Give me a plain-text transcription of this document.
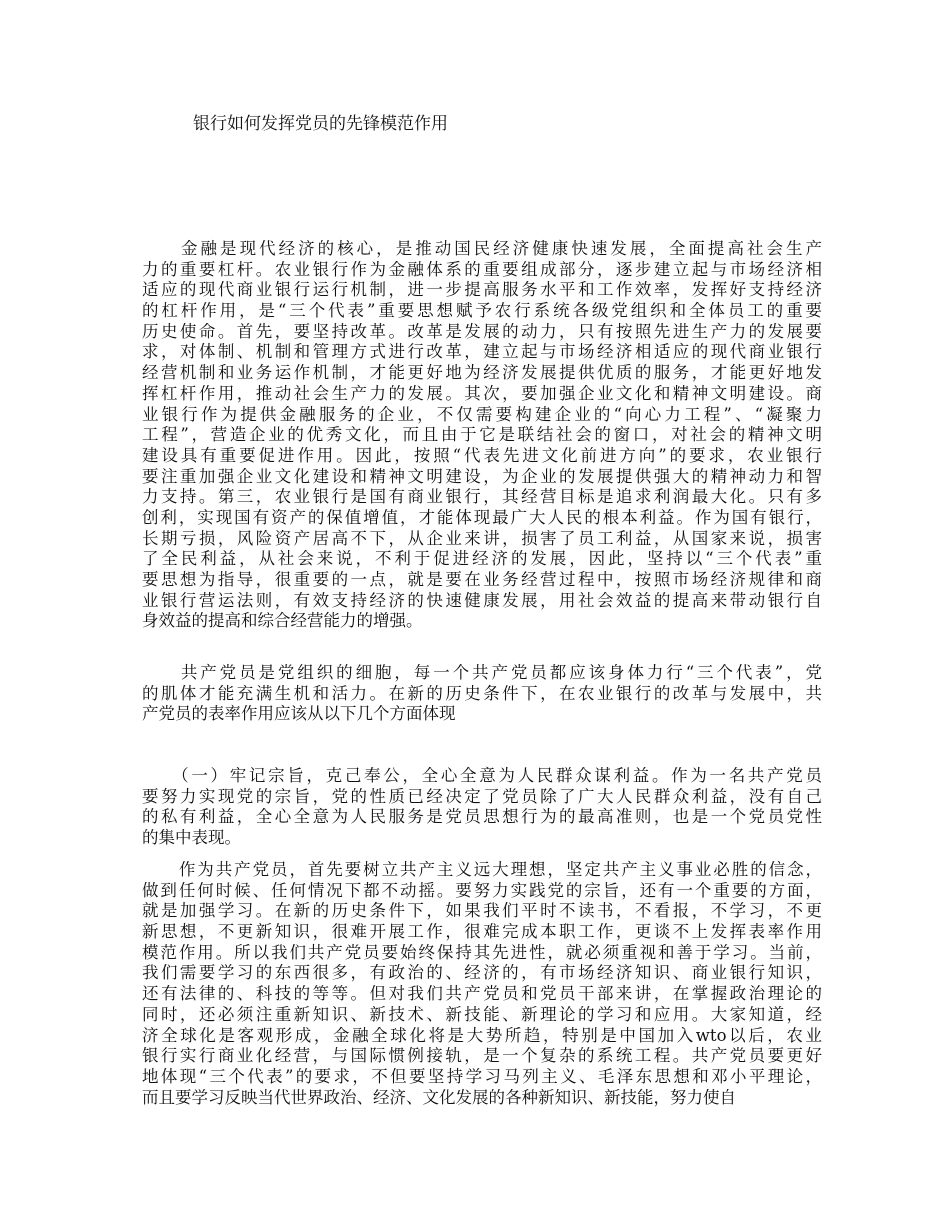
银行如何发挥党员的先锋模范作用
　　金融是现代经济的核心，是推动国民经济健康快速发展，全面提高社会生产
力的重要杠杆。农业银行作为金融体系的重要组成部分，逐步建立起与市场经济相
适应的现代商业银行运行机制，进一步提高服务水平和工作效率，发挥好支持经济
的杠杆作用，是“三个代表”重要思想赋予农行系统各级党组织和全体员工的重要
历史使命。首先，要坚持改革。改革是发展的动力，只有按照先进生产力的发展要
求，对体制、机制和管理方式进行改革，建立起与市场经济相适应的现代商业银行
经营机制和业务运作机制，才能更好地为经济发展提供优质的服务，才能更好地发
挥杠杆作用，推动社会生产力的发展。其次，要加强企业文化和精神文明建设。商
业银行作为提供金融服务的企业，不仅需要构建企业的“向心力工程”、“凝聚力
工程”，营造企业的优秀文化，而且由于它是联结社会的窗口，对社会的精神文明
建设具有重要促进作用。因此，按照“代表先进文化前进方向”的要求，农业银行
要注重加强企业文化建设和精神文明建设，为企业的发展提供强大的精神动力和智
力支持。第三，农业银行是国有商业银行，其经营目标是追求利润最大化。只有多
创利，实现国有资产的保值增值，才能体现最广大人民的根本利益。作为国有银行，
长期亏损，风险资产居高不下，从企业来讲，损害了员工利益，从国家来说，损害
了全民利益，从社会来说，不利于促进经济的发展，因此，坚持以“三个代表”重
要思想为指导，很重要的一点，就是要在业务经营过程中，按照市场经济规律和商
业银行营运法则，有效支持经济的快速健康发展，用社会效益的提高来带动银行自
身效益的提高和综合经营能力的增强。
　　共产党员是党组织的细胞，每一个共产党员都应该身体力行“三个代表”，党
的肌体才能充满生机和活力。在新的历史条件下，在农业银行的改革与发展中，共
产党员的表率作用应该从以下几个方面体现
　　（一）牢记宗旨，克己奉公，全心全意为人民群众谋利益。作为一名共产党员
要努力实现党的宗旨，党的性质已经决定了党员除了广大人民群众利益，没有自己
的私有利益，全心全意为人民服务是党员思想行为的最高准则，也是一个党员党性
的集中表现。
　　作为共产党员，首先要树立共产主义远大理想，坚定共产主义事业必胜的信念，
做到任何时候、任何情况下都不动摇。要努力实践党的宗旨，还有一个重要的方面，
就是加强学习。在新的历史条件下，如果我们平时不读书，不看报，不学习，不更
新思想，不更新知识，很难开展工作，很难完成本职工作，更谈不上发挥表率作用
模范作用。所以我们共产党员要始终保持其先进性，就必须重视和善于学习。当前，
我们需要学习的东西很多，有政治的、经济的，有市场经济知识、商业银行知识，
还有法律的、科技的等等。但对我们共产党员和党员干部来讲，在掌握政治理论的
同时，还必须注重新知识、新技术、新技能、新理论的学习和应用。大家知道，经
济全球化是客观形成，金融全球化将是大势所趋，特别是中国加入wto以后，农业
银行实行商业化经营，与国际惯例接轨，是一个复杂的系统工程。共产党员要更好
地体现“三个代表”的要求，不但要坚持学习马列主义、毛泽东思想和邓小平理论，
而且要学习反映当代世界政治、经济、文化发展的各种新知识、新技能，努力使自
